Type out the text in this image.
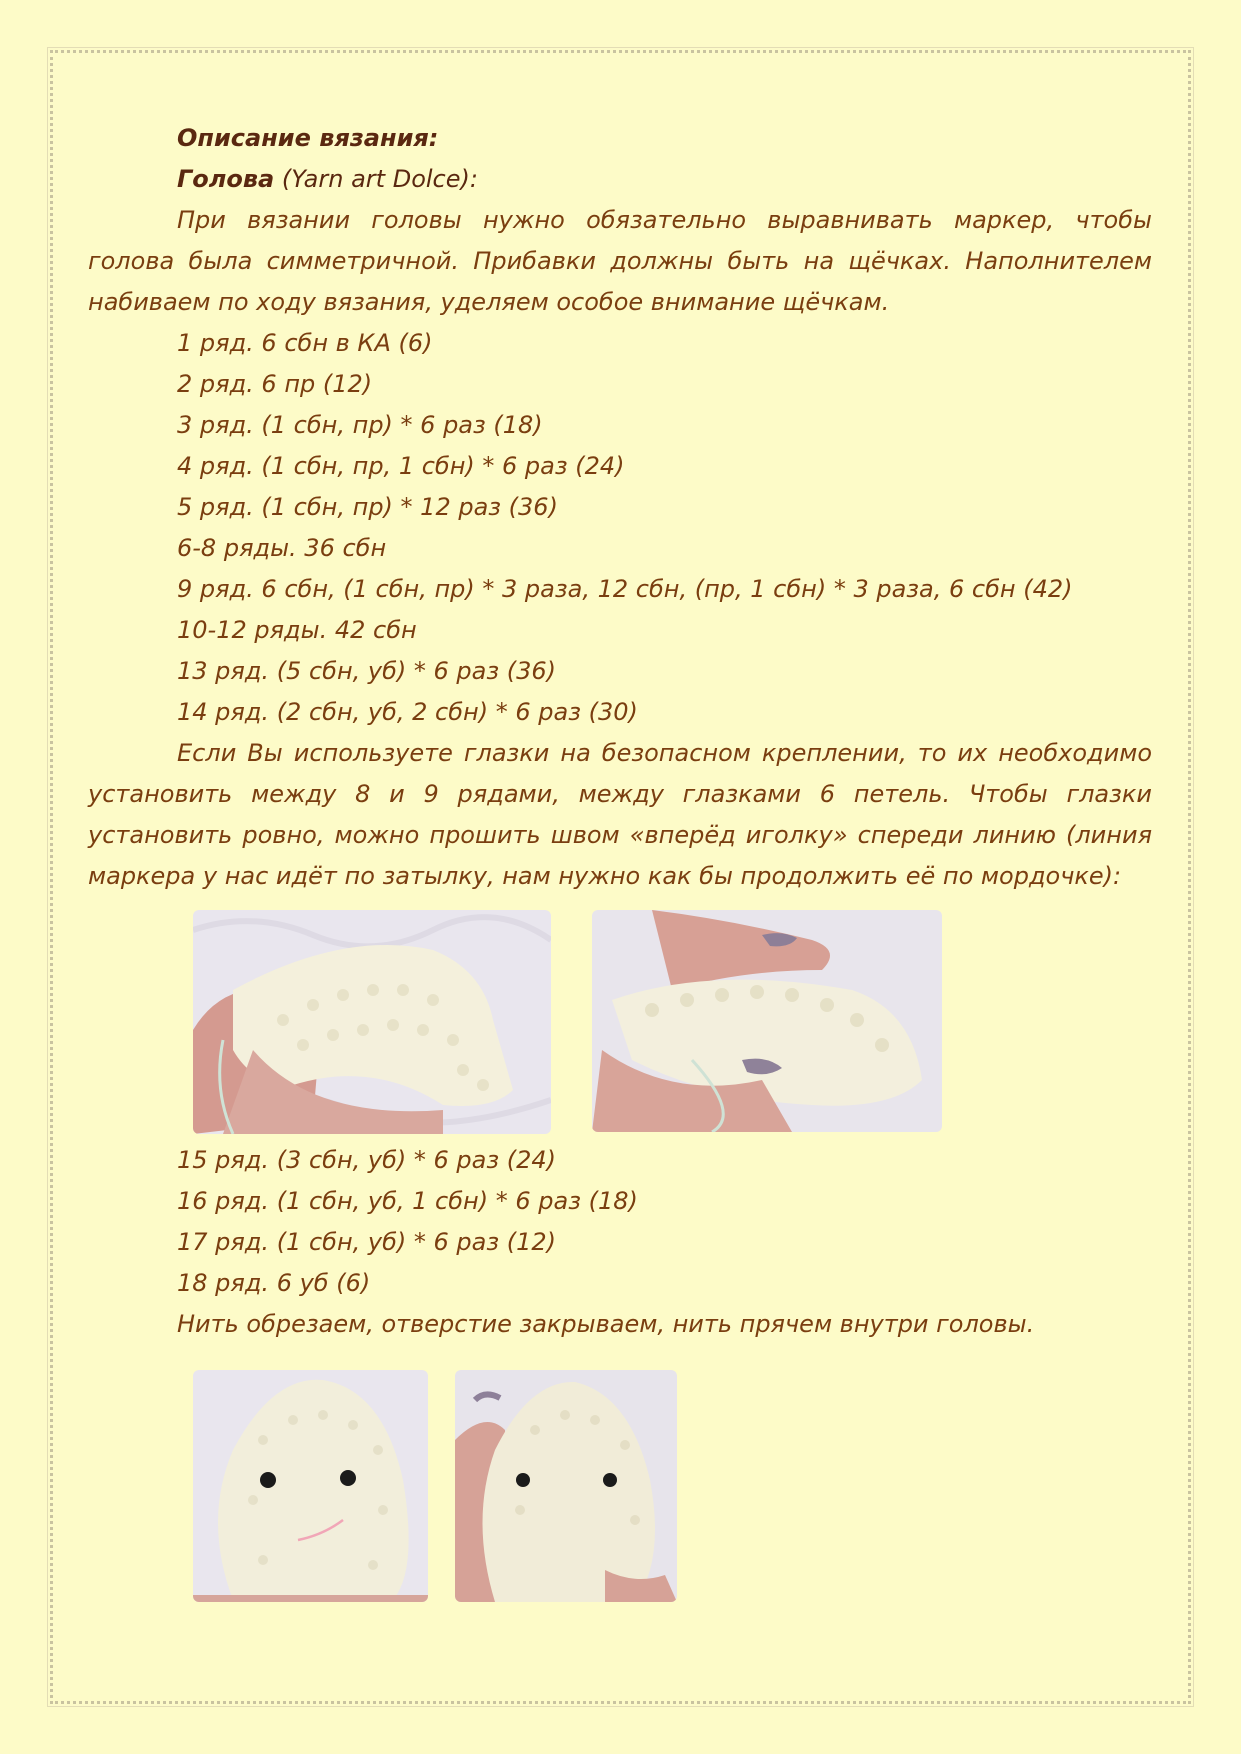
Описание вязания:
Голова (Yarn art Dolce):
При вязании головы нужно обязательно выравнивать маркер, чтобы
голова была симметричной. Прибавки должны быть на щёчках. Наполнителем
набиваем по ходу вязания, уделяем особое внимание щёчкам.
1 ряд. 6 сбн в КА (6)
2 ряд. 6 пр (12)
3 ряд. (1 сбн, пр) * 6 раз (18)
4 ряд. (1 сбн, пр, 1 сбн) * 6 раз (24)
5 ряд. (1 сбн, пр) * 12 раз (36)
6-8 ряды. 36 сбн
9 ряд. 6 сбн, (1 сбн, пр) * 3 раза, 12 сбн, (пр, 1 сбн) * 3 раза, 6 сбн (42)
10-12 ряды. 42 сбн
13 ряд. (5 сбн, уб) * 6 раз (36)
14 ряд. (2 сбн, уб, 2 сбн) * 6 раз (30)
Если Вы используете глазки на безопасном креплении, то их необходимо
установить между 8 и 9 рядами, между глазками 6 петель. Чтобы глазки
установить ровно, можно прошить швом «вперёд иголку» спереди линию (линия
маркера у нас идёт по затылку, нам нужно как бы продолжить её по мордочке):
15 ряд. (3 сбн, уб) * 6 раз (24)
16 ряд. (1 сбн, уб, 1 сбн) * 6 раз (18)
17 ряд. (1 сбн, уб) * 6 раз (12)
18 ряд. 6 уб (6)
Нить обрезаем, отверстие закрываем, нить прячем внутри головы.
